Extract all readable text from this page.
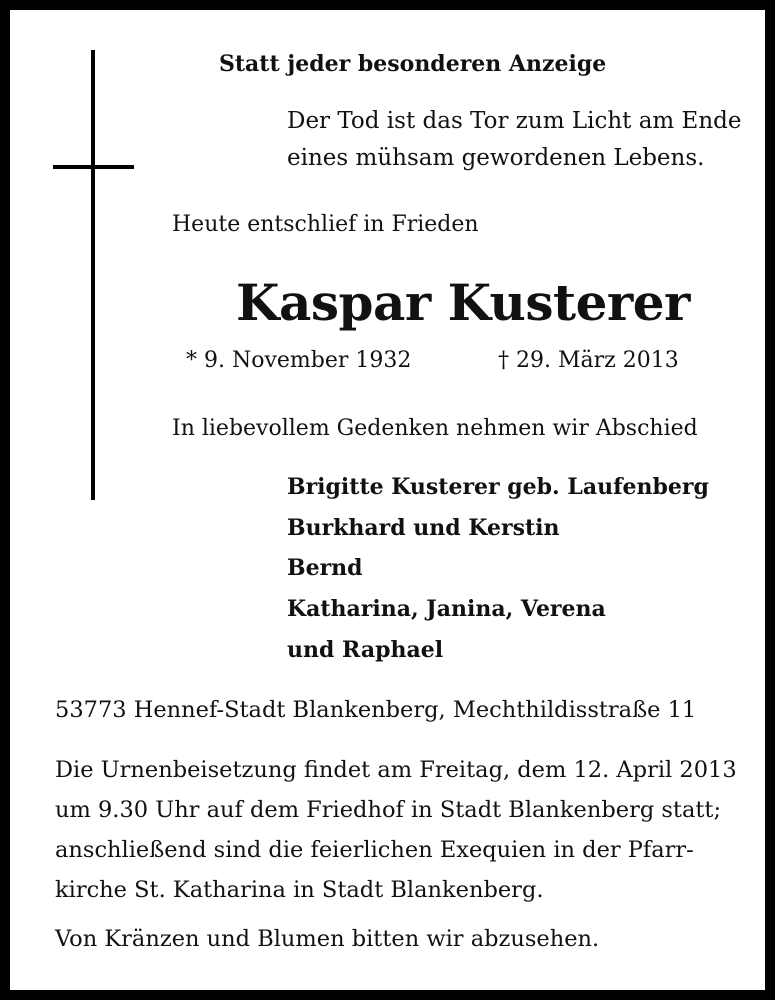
Statt jeder besonderen Anzeige
Der Tod ist das Tor zum Licht am Ende
eines mühsam gewordenen Lebens.
Heute entschlief in Frieden
Kaspar Kusterer
* 9. November 1932	† 29. März 2013
In liebevollem Gedenken nehmen wir Abschied
Brigitte Kusterer geb. Laufenberg
Burkhard und Kerstin
Bernd
Katharina, Janina, Verena
und Raphael
53773 Hennef-Stadt Blankenberg, Mechthildisstraße 11
Die Urnenbeisetzung findet am Freitag, dem 12. April 2013
um 9.30 Uhr auf dem Friedhof in Stadt Blankenberg statt;
anschließend sind die feierlichen Exequien in der Pfarr-
kirche St. Katharina in Stadt Blankenberg.
Von Kränzen und Blumen bitten wir abzusehen.
